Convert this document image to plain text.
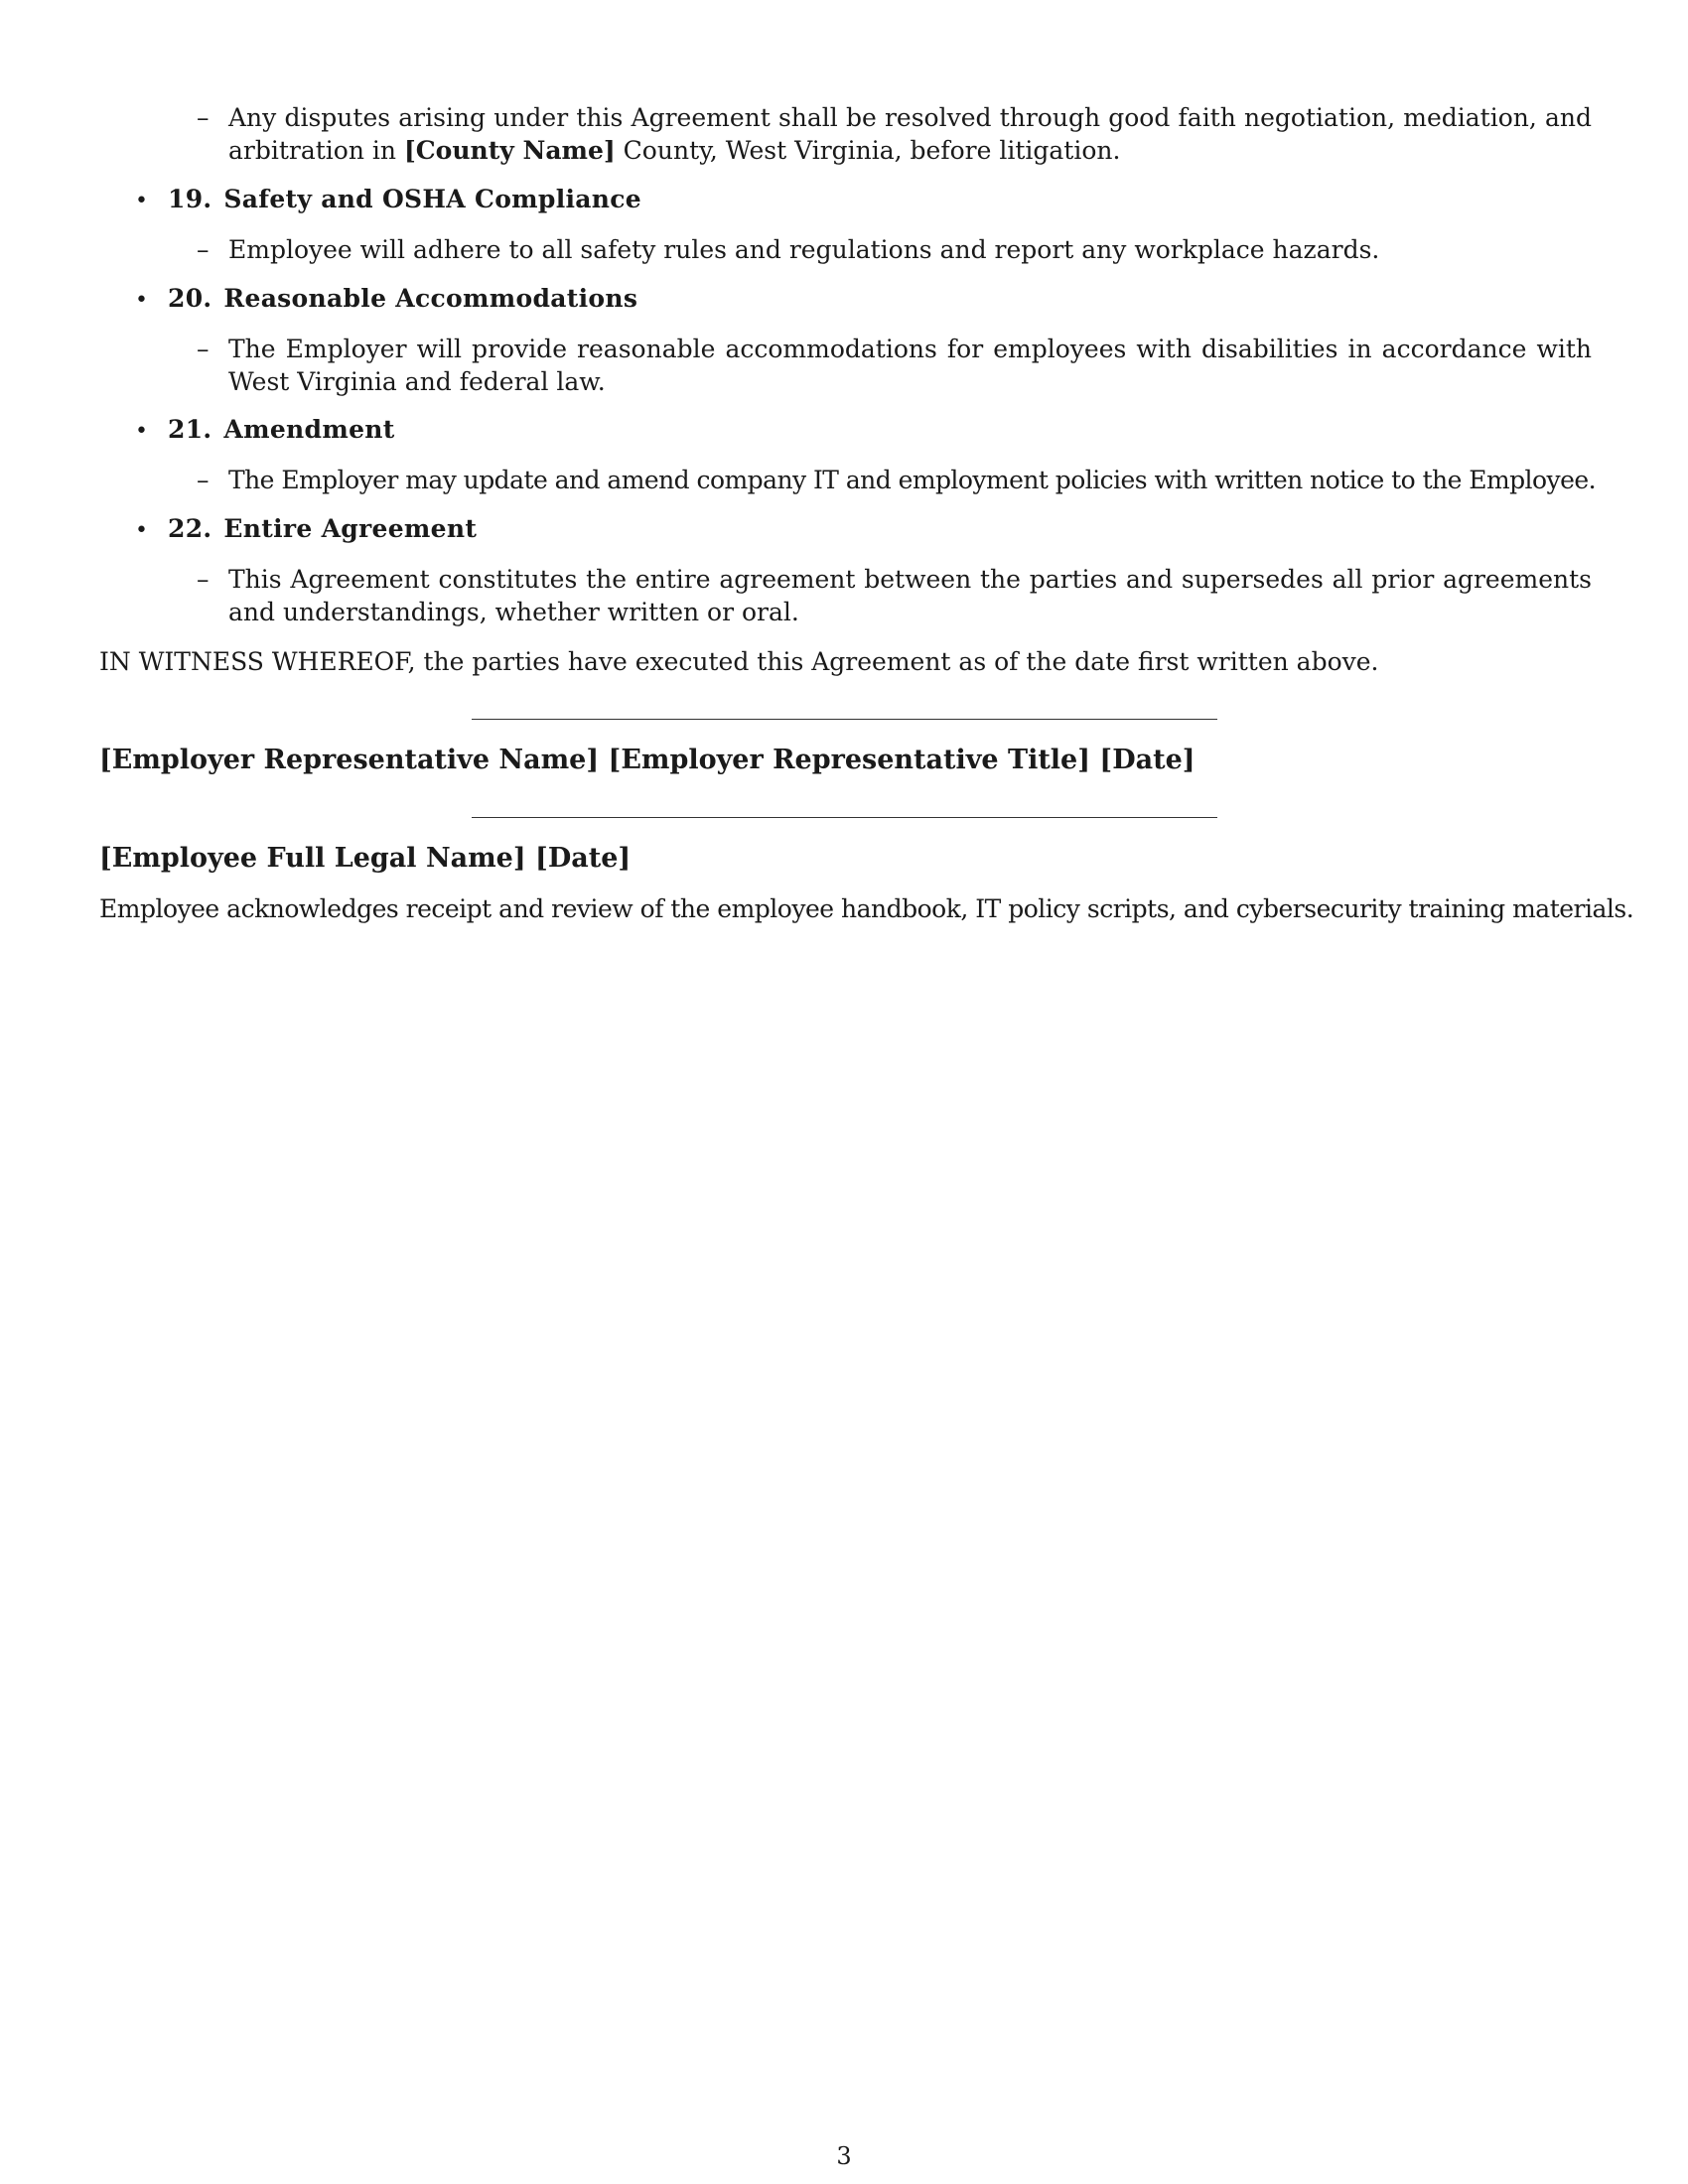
– Any disputes arising under this Agreement shall be resolved through good faith negotiation, mediation, and
arbitration in [County Name] County, West Virginia, before litigation.
• 19. Safety and OSHA Compliance
– Employee will adhere to all safety rules and regulations and report any workplace hazards.
• 20. Reasonable Accommodations
– The Employer will provide reasonable accommodations for employees with disabilities in accordance with West Virginia and federal law.
• 21. Amendment
– The Employer may update and amend company IT and employment policies with written notice to the Employee.
• 22. Entire Agreement
– This Agreement constitutes the entire agreement between the parties and supersedes all prior agreements and understandings, whether written or oral.
IN WITNESS WHEREOF, the parties have executed this Agreement as of the date first written above.
[Employer Representative Name] [Employer Representative Title] [Date]
[Employee Full Legal Name] [Date]
Employee acknowledges receipt and review of the employee handbook, IT policy scripts, and cybersecurity training materials.
3
